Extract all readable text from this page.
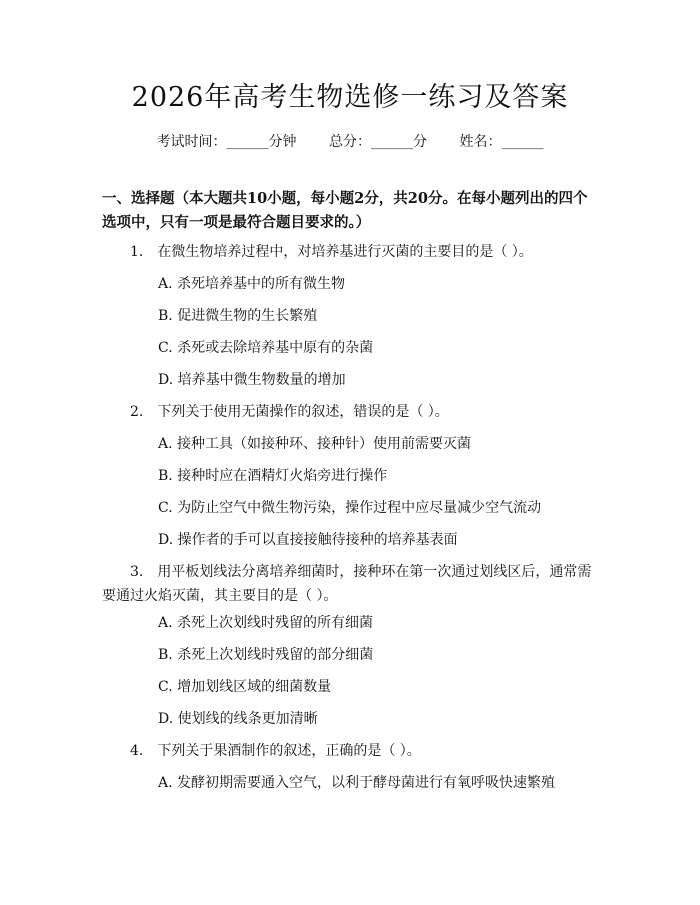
2026年高考生物选修一练习及答案
考试时间：______分钟 总分：______分 姓名：______
一、选择题（本大题共10小题，每小题2分，共20分。在每小题列出的四个选项中，只有一项是最符合题目要求的。）
1.　在微生物培养过程中，对培养基进行灭菌的主要目的是（ ）。
A. 杀死培养基中的所有微生物
B. 促进微生物的生长繁殖
C. 杀死或去除培养基中原有的杂菌
D. 培养基中微生物数量的增加
2.　下列关于使用无菌操作的叙述，错误的是（ ）。
A. 接种工具（如接种环、接种针）使用前需要灭菌
B. 接种时应在酒精灯火焰旁进行操作
C. 为防止空气中微生物污染，操作过程中应尽量减少空气流动
D. 操作者的手可以直接接触待接种的培养基表面
3.　用平板划线法分离培养细菌时，接种环在第一次通过划线区后，通常需要通过火焰灭菌，其主要目的是（ ）。
A. 杀死上次划线时残留的所有细菌
B. 杀死上次划线时残留的部分细菌
C. 增加划线区域的细菌数量
D. 使划线的线条更加清晰
4.　下列关于果酒制作的叙述，正确的是（ ）。
A. 发酵初期需要通入空气，以利于酵母菌进行有氧呼吸快速繁殖
